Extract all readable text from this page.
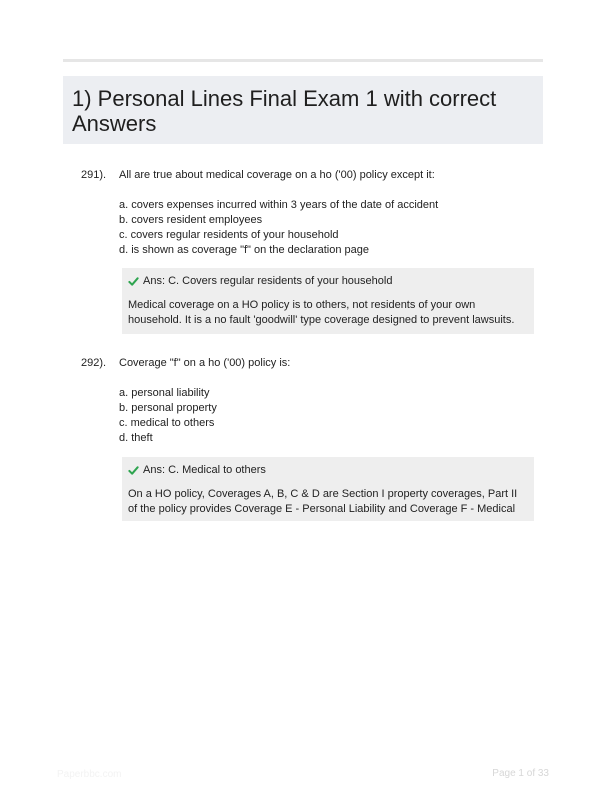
1) Personal Lines Final Exam 1 with correct Answers
291). All are true about medical coverage on a ho ('00) policy except it:
a. covers expenses incurred within 3 years of the date of accident
b. covers resident employees
c. covers regular residents of your household
d. is shown as coverage "f" on the declaration page
Ans: C. Covers regular residents of your household
Medical coverage on a HO policy is to others, not residents of your own household. It is a no fault 'goodwill' type coverage designed to prevent lawsuits.
292). Coverage "f" on a ho ('00) policy is:
a. personal liability
b. personal property
c. medical to others
d. theft
Ans: C. Medical to others
On a HO policy, Coverages A, B, C & D are Section I property coverages, Part II of the policy provides Coverage E - Personal Liability and Coverage F - Medical
Paperbbc.com	Page 1 of 33
